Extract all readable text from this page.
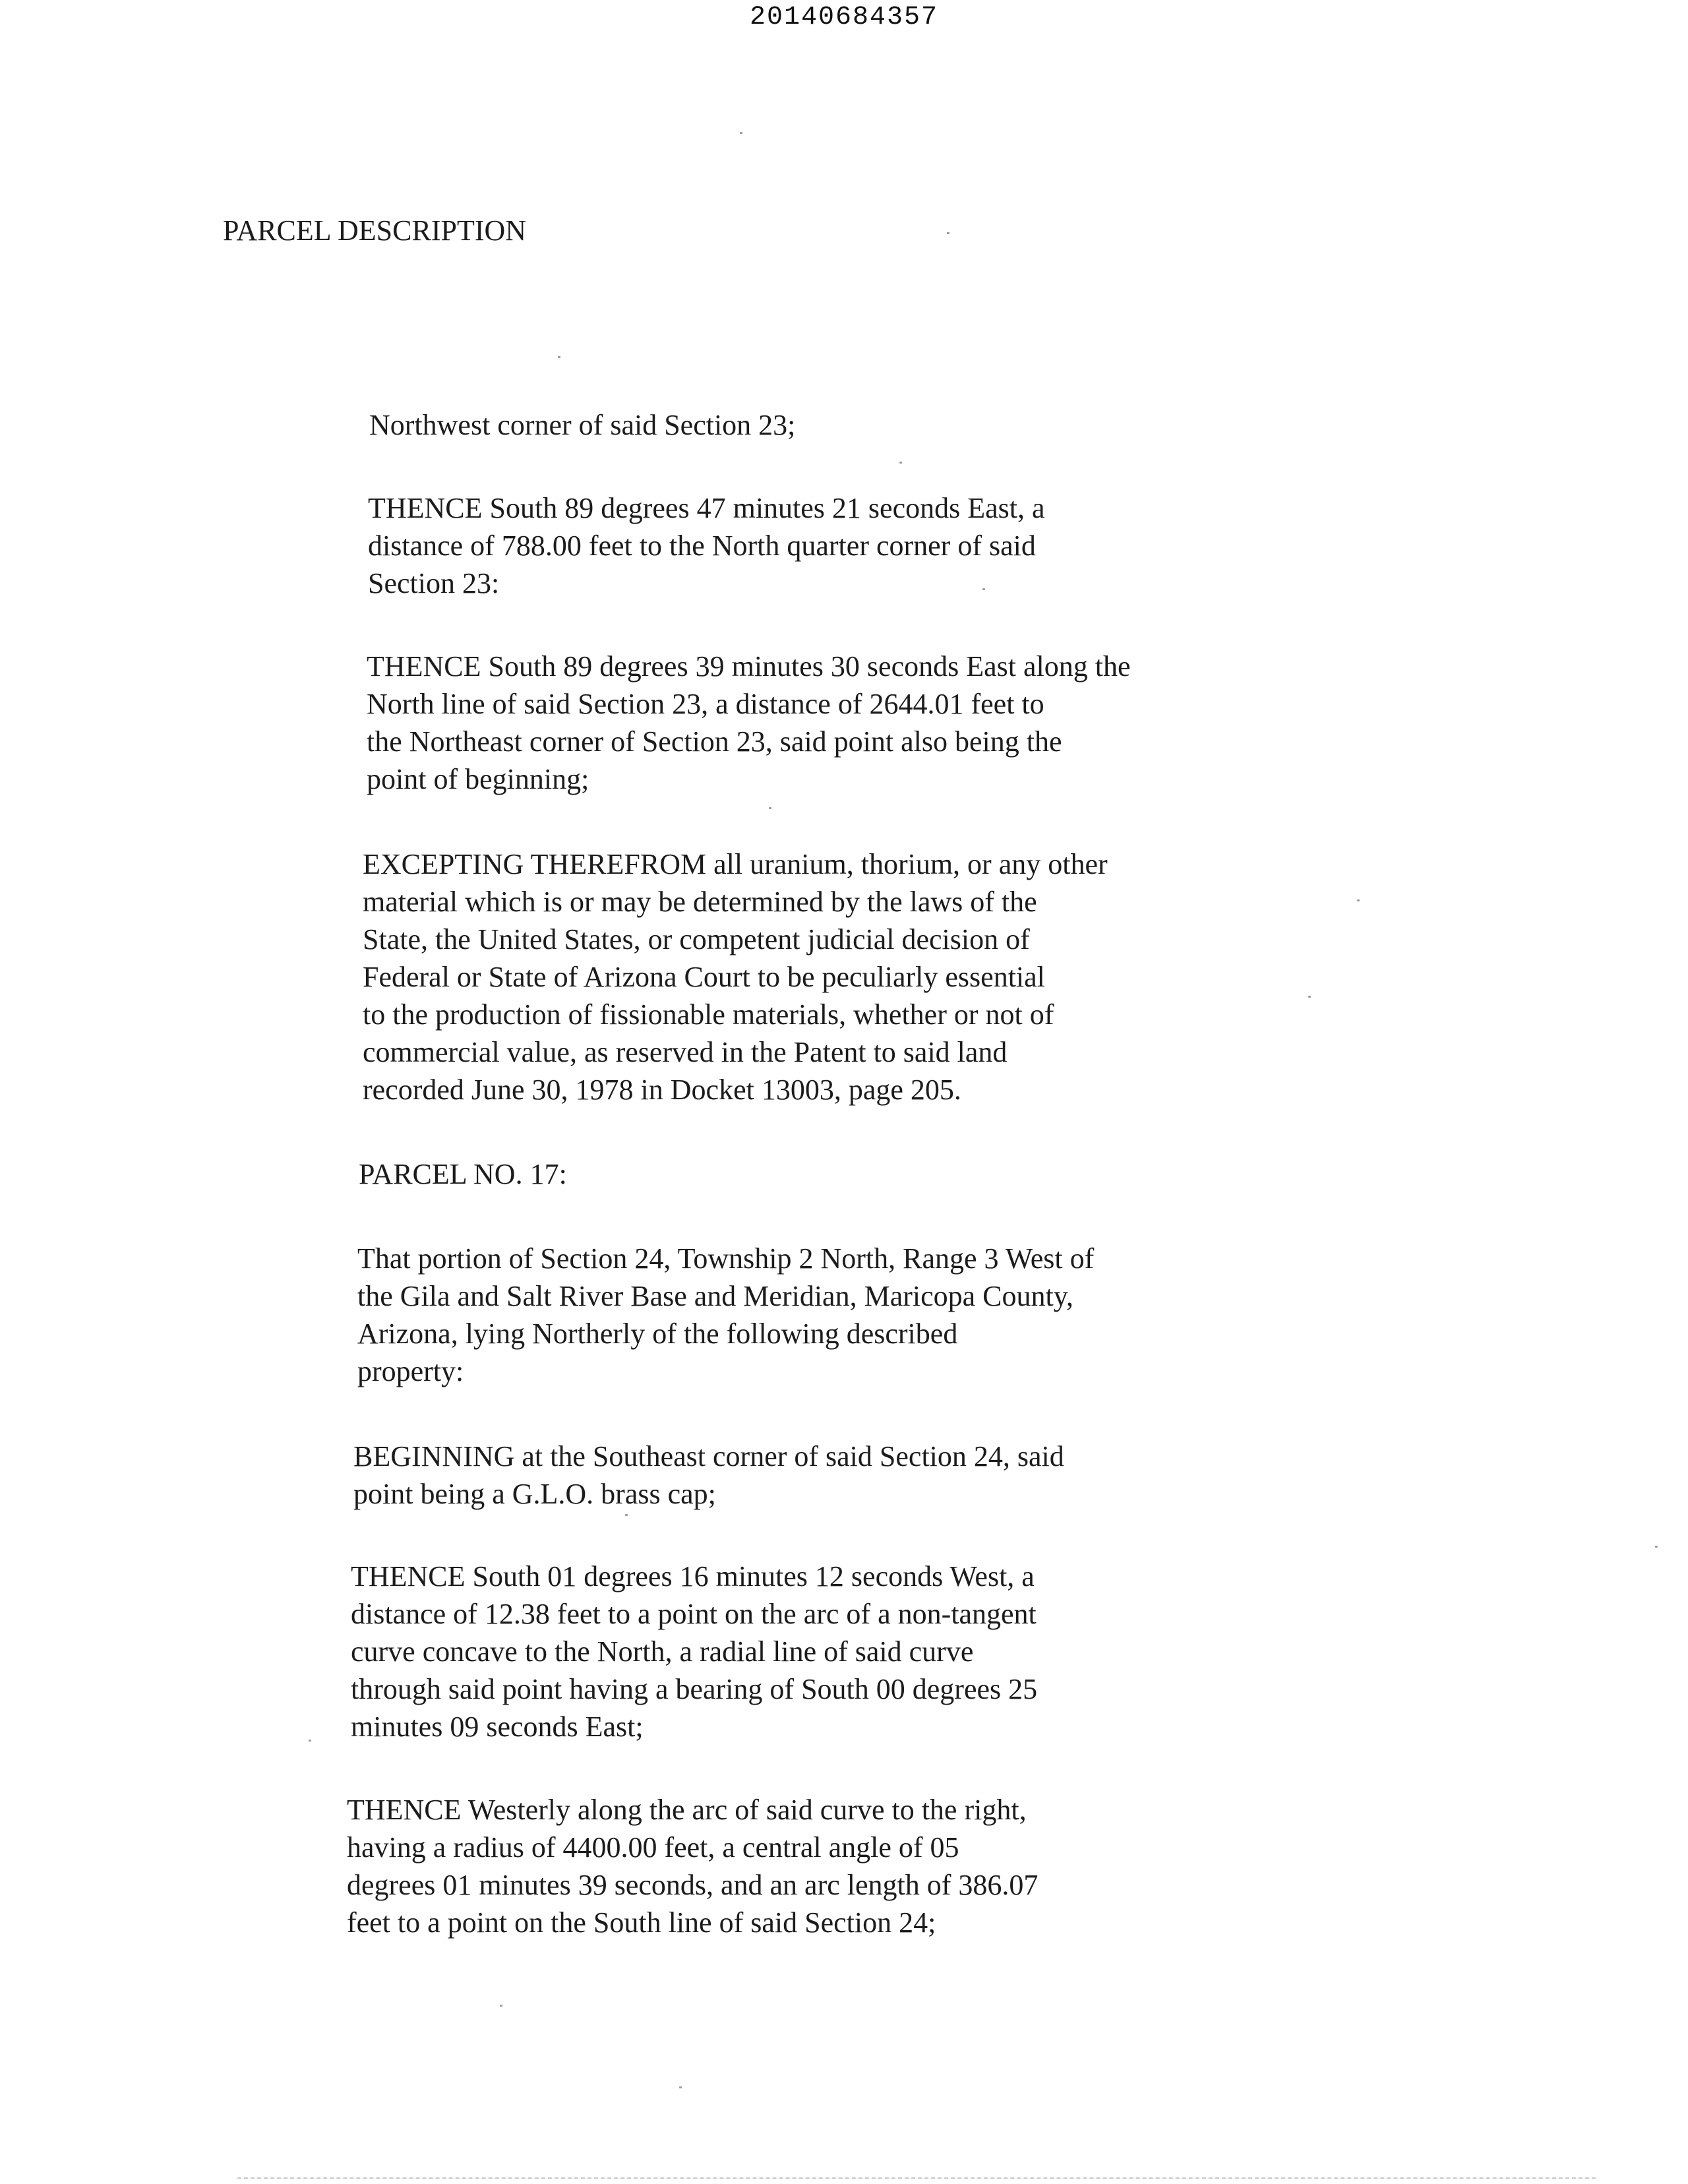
20140684357
PARCEL DESCRIPTION

Northwest corner of said Section 23;

THENCE South 89 degrees 47 minutes 21 seconds East, a
distance of 788.00 feet to the North quarter corner of said
Section 23:

THENCE South 89 degrees 39 minutes 30 seconds East along the
North line of said Section 23, a distance of 2644.01 feet to
the Northeast corner of Section 23, said point also being the
point of beginning;

EXCEPTING THEREFROM all uranium, thorium, or any other
material which is or may be determined by the laws of the
State, the United States, or competent judicial decision of
Federal or State of Arizona Court to be peculiarly essential
to the production of fissionable materials, whether or not of
commercial value, as reserved in the Patent to said land
recorded June 30, 1978 in Docket 13003, page 205.

PARCEL NO. 17:

That portion of Section 24, Township 2 North, Range 3 West of
the Gila and Salt River Base and Meridian, Maricopa County,
Arizona, lying Northerly of the following described
property:

BEGINNING at the Southeast corner of said Section 24, said
point being a G.L.O. brass cap;

THENCE South 01 degrees 16 minutes 12 seconds West, a
distance of 12.38 feet to a point on the arc of a non-tangent
curve concave to the North, a radial line of said curve
through said point having a bearing of South 00 degrees 25
minutes 09 seconds East;

THENCE Westerly along the arc of said curve to the right,
having a radius of 4400.00 feet, a central angle of 05
degrees 01 minutes 39 seconds, and an arc length of 386.07
feet to a point on the South line of said Section 24;
